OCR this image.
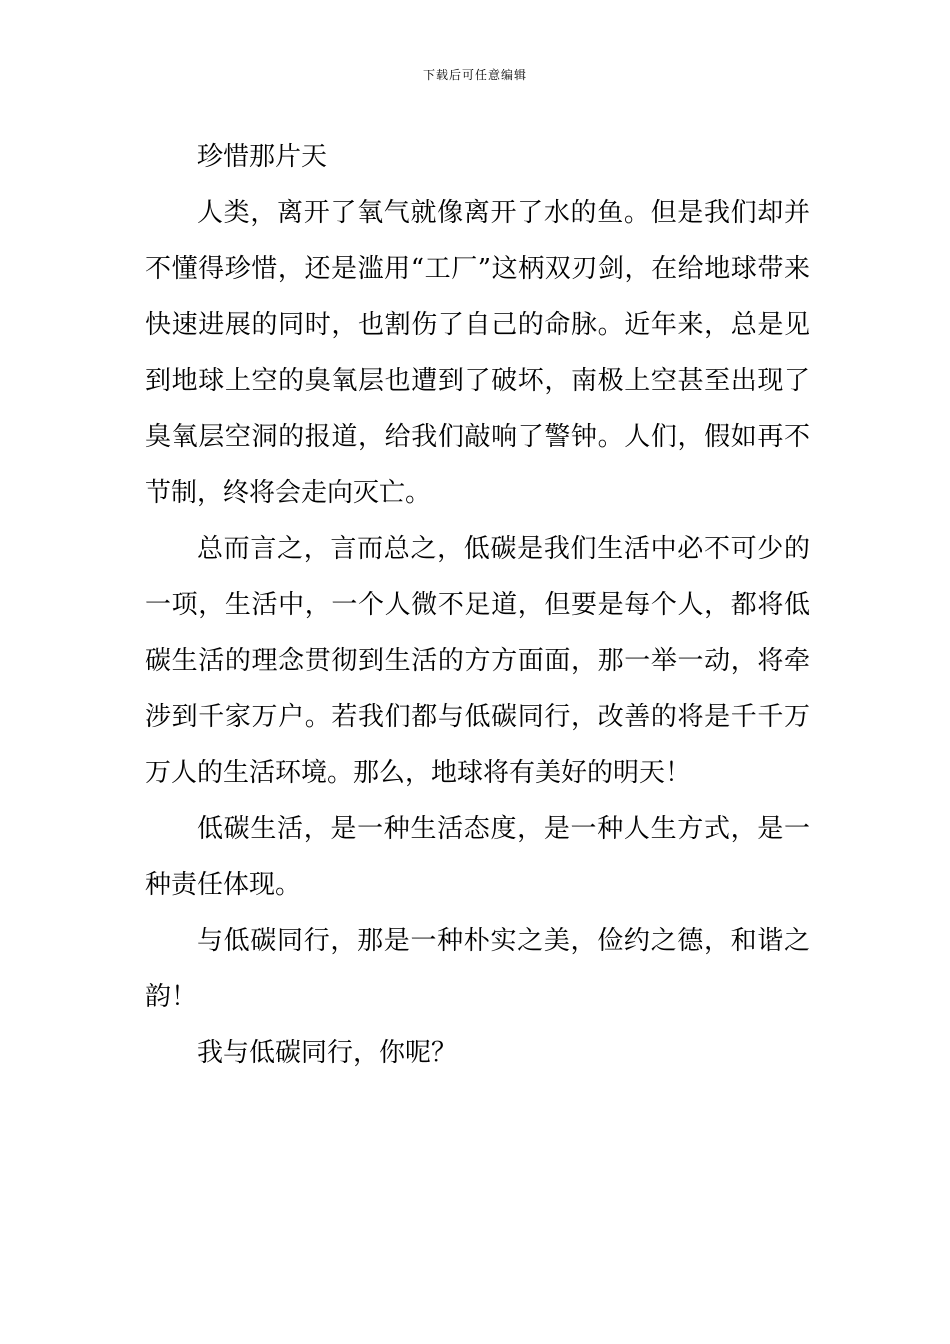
下载后可任意编辑

珍惜那片天

人类，离开了氧气就像离开了水的鱼。但是我们却并不懂得珍惜，还是滥用“工厂”这柄双刃剑，在给地球带来快速进展的同时，也割伤了自己的命脉。近年来，总是见到地球上空的臭氧层也遭到了破坏，南极上空甚至出现了臭氧层空洞的报道，给我们敲响了警钟。人们，假如再不节制，终将会走向灭亡。

总而言之，言而总之，低碳是我们生活中必不可少的一项，生活中，一个人微不足道，但要是每个人，都将低碳生活的理念贯彻到生活的方方面面，那一举一动，将牵涉到千家万户。若我们都与低碳同行，改善的将是千千万万人的生活环境。那么，地球将有美好的明天！

低碳生活，是一种生活态度，是一种人生方式，是一种责任体现。

与低碳同行，那是一种朴实之美，俭约之德，和谐之韵！

我与低碳同行，你呢？
